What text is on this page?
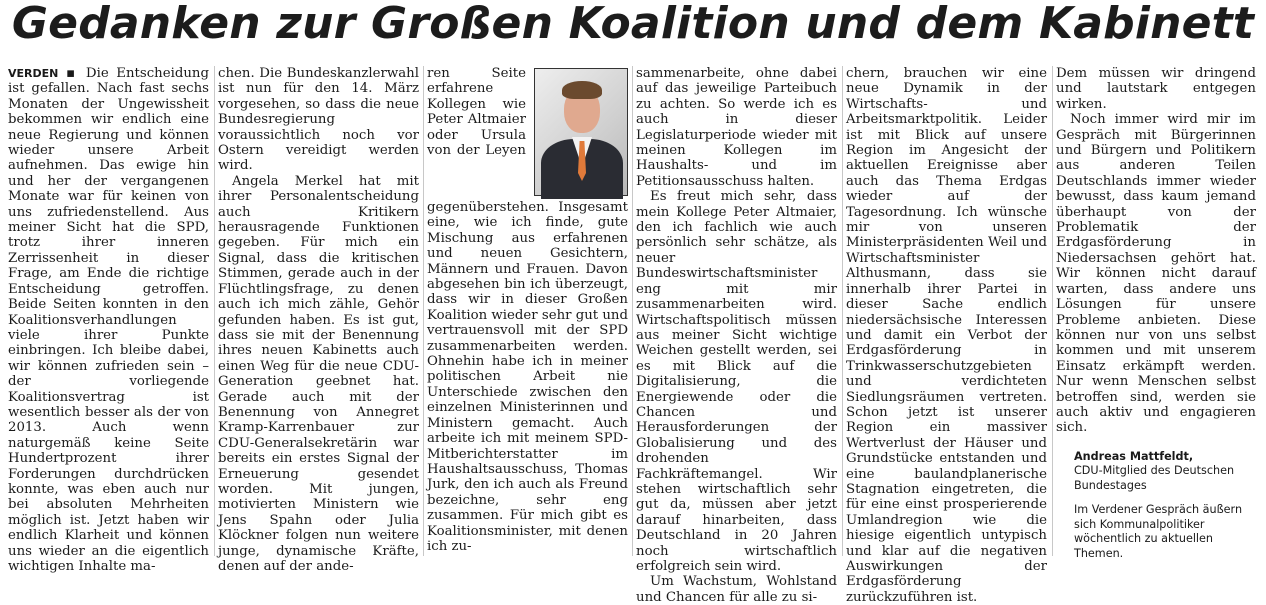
Gedanken zur Großen Koalition und dem Kabinett

VERDEN ▪ Die Entscheidung ist gefallen. Nach fast sechs Monaten der Ungewissheit bekommen wir endlich eine neue Regierung und können wieder unsere Arbeit aufnehmen. Das ewige hin und her der vergangenen Monate war für keinen von uns zufriedenstellend. Aus meiner Sicht hat die SPD, trotz ihrer inneren Zerrissenheit in dieser Frage, am Ende die richtige Entscheidung getroffen. Beide Seiten konnten in den Koalitionsverhandlungen viele ihrer Punkte einbringen. Ich bleibe dabei, wir können zufrieden sein – der vorliegende Koalitionsvertrag ist wesentlich besser als der von 2013. Auch wenn naturgemäß keine Seite Hundertprozent ihrer Forderungen durchdrücken konnte, was eben auch nur bei absoluten Mehrheiten möglich ist. Jetzt haben wir endlich Klarheit und können uns wieder an die eigentlich wichtigen Inhalte ma-

chen. Die Bundeskanzlerwahl ist nun für den 14. März vorgesehen, so dass die neue Bundesregierung voraussichtlich noch vor Ostern vereidigt werden wird.

Angela Merkel hat mit ihrer Personalentscheidung auch Kritikern herausragende Funktionen gegeben. Für mich ein Signal, dass die kritischen Stimmen, gerade auch in der Flüchtlingsfrage, zu denen auch ich mich zähle, Gehör gefunden haben. Es ist gut, dass sie mit der Benennung ihres neuen Kabinetts auch einen Weg für die neue CDU-Generation geebnet hat. Gerade auch mit der Benennung von Annegret Kramp-Karrenbauer zur CDU-Generalsekretärin war bereits ein erstes Signal der Erneuerung gesendet worden. Mit jungen, motivierten Ministern wie Jens Spahn oder Julia Klöckner folgen nun weitere junge, dynamische Kräfte, denen auf der ande-

ren Seite erfahrene Kollegen wie Peter Altmaier oder Ursula von der Leyen gegenüberstehen. Insgesamt eine, wie ich finde, gute Mischung aus erfahrenen und neuen Gesichtern, Männern und Frauen. Davon abgesehen bin ich überzeugt, dass wir in dieser Großen Koalition wieder sehr gut und vertrauensvoll mit der SPD zusammenarbeiten werden. Ohnehin habe ich in meiner politischen Arbeit nie Unterschiede zwischen den einzelnen Ministerinnen und Ministern gemacht. Auch arbeite ich mit meinem SPD-Mitberichterstatter im Haushaltsausschuss, Thomas Jurk, den ich auch als Freund bezeichne, sehr eng zusammen. Für mich gibt es Koalitionsminister, mit denen ich zu-

sammenarbeite, ohne dabei auf das jeweilige Parteibuch zu achten. So werde ich es auch in dieser Legislaturperiode wieder mit meinen Kollegen im Haushalts- und im Petitionsausschuss halten.

Es freut mich sehr, dass mein Kollege Peter Altmaier, den ich fachlich wie auch persönlich sehr schätze, als neuer Bundeswirtschaftsminister eng mit mir zusammenarbeiten wird. Wirtschaftspolitisch müssen aus meiner Sicht wichtige Weichen gestellt werden, sei es mit Blick auf die Digitalisierung, die Energiewende oder die Chancen und Herausforderungen der Globalisierung und des drohenden Fachkräftemangel. Wir stehen wirtschaftlich sehr gut da, müssen aber jetzt darauf hinarbeiten, dass Deutschland in 20 Jahren noch wirtschaftlich erfolgreich sein wird.

Um Wachstum, Wohlstand und Chancen für alle zu si-

chern, brauchen wir eine neue Dynamik in der Wirtschafts- und Arbeitsmarktpolitik. Leider ist mit Blick auf unsere Region im Angesicht der aktuellen Ereignisse aber auch das Thema Erdgas wieder auf der Tagesordnung. Ich wünsche mir von unseren Ministerpräsidenten Weil und Wirtschaftsminister Althusmann, dass sie innerhalb ihrer Partei in dieser Sache endlich niedersächsische Interessen und damit ein Verbot der Erdgasförderung in Trinkwasserschutzgebieten und verdichteten Siedlungsräumen vertreten. Schon jetzt ist unserer Region ein massiver Wertverlust der Häuser und Grundstücke entstanden und eine baulandplanerische Stagnation eingetreten, die für eine einst prosperierende Umlandregion wie die hiesige eigentlich untypisch und klar auf die negativen Auswirkungen der Erdgasförderung zurückzuführen ist.

Dem müssen wir dringend und lautstark entgegen wirken.

Noch immer wird mir im Gespräch mit Bürgerinnen und Bürgern und Politikern aus anderen Teilen Deutschlands immer wieder bewusst, dass kaum jemand überhaupt von der Problematik der Erdgasförderung in Niedersachsen gehört hat. Wir können nicht darauf warten, dass andere uns Lösungen für unsere Probleme anbieten. Diese können nur von uns selbst kommen und mit unserem Einsatz erkämpft werden. Nur wenn Menschen selbst betroffen sind, werden sie auch aktiv und engagieren sich.

Andreas Mattfeldt,
CDU-Mitglied des Deutschen Bundestages
Im Verdener Gespräch äußern sich Kommunalpolitiker wöchentlich zu aktuellen Themen.
